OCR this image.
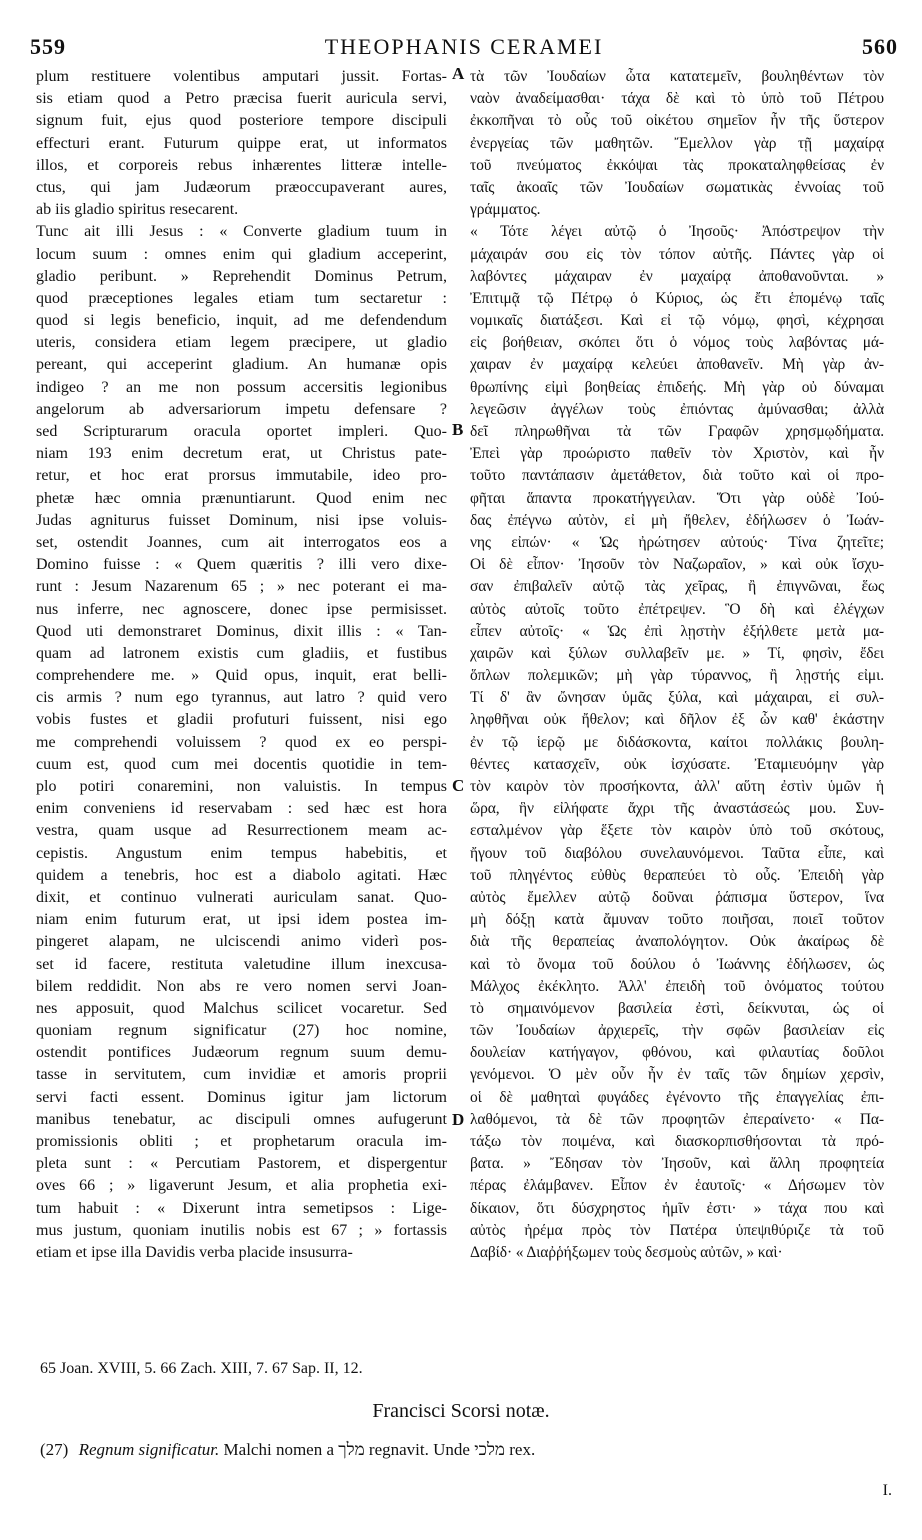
559	THEOPHANIS CERAMEI	560
plum restituere volentibus amputari jussit. Fortas-
sis etiam quod a Petro præcisa fuerit auricula servi,
signum fuit, ejus quod posteriore tempore discipuli
effecturi erant. Futurum quippe erat, ut informatos
illos, et corporeis rebus inhærentes litteræ intelle-
ctus, qui jam Judæorum præoccupaverant aures,
ab iis gladio spiritus resecarent.
Tunc ait illi Jesus : « Converte gladium tuum in
locum suum : omnes enim qui gladium acceperint,
gladio peribunt. » Reprehendit Dominus Petrum,
quod præceptiones legales etiam tum sectaretur :
quod si legis beneficio, inquit, ad me defendendum
uteris, considera etiam legem præcipere, ut gladio
pereant, qui acceperint gladium. An humanæ opis
indigeo ? an me non possum accersitis legionibus
angelorum ab adversariorum impetu defensare ?
sed Scripturarum oracula oportet impleri. Quo-
niam 193 enim decretum erat, ut Christus pate-
retur, et hoc erat prorsus immutabile, ideo pro-
phetæ hæc omnia prænuntiarunt. Quod enim nec
Judas agniturus fuisset Dominum, nisi ipse voluis-
set, ostendit Joannes, cum ait interrogatos eos a
Domino fuisse : « Quem quæritis ? illi vero dixe-
runt : Jesum Nazarenum 65 ; » nec poterant ei ma-
nus inferre, nec agnoscere, donec ipse permisisset.
Quod uti demonstraret Dominus, dixit illis : « Tan-
quam ad latronem existis cum gladiis, et fustibus
comprehendere me. » Quid opus, inquit, erat belli-
cis armis ? num ego tyrannus, aut latro ? quid vero
vobis fustes et gladii profuturi fuissent, nisi ego
me comprehendi voluissem ? quod ex eo perspi-
cuum est, quod cum mei docentis quotidie in tem-
plo potiri conaremini, non valuistis. In tempus
enim conveniens id reservabam : sed hæc est hora
vestra, quam usque ad Resurrectionem meam ac-
cepistis. Angustum enim tempus habebitis, et
quidem a tenebris, hoc est a diabolo agitati. Hæc
dixit, et continuo vulnerati auriculam sanat. Quo-
niam enim futurum erat, ut ipsi idem postea im-
pingeret alapam, ne ulciscendi animo viderì pos-
set id facere, restituta valetudine illum inexcusa-
bilem reddidit. Non abs re vero nomen servi Joan-
nes apposuit, quod Malchus scilicet vocaretur. Sed
quoniam regnum significatur (27) hoc nomine,
ostendit pontifices Judæorum regnum suum demu-
tasse in servitutem, cum invidiæ et amoris proprii
servi facti essent. Dominus igitur jam lictorum
manibus tenebatur, ac discipuli omnes aufugerunt
promissionis obliti ; et prophetarum oracula im-
pleta sunt : « Percutiam Pastorem, et dispergentur
oves 66 ; » ligaverunt Jesum, et alia prophetia exi-
tum habuit : « Dixerunt intra semetipsos : Lige-
mus justum, quoniam inutilis nobis est 67 ; » fortassis
etiam et ipse illa Davidis verba placide insusurra-
τὰ τῶν Ἰουδαίων ὦτα κατατεμεῖν, βουληθέντων τὸν
ναὸν ἀναδείμασθαι· τάχα δὲ καὶ τὸ ὑπὸ τοῦ Πέτρου
ἐκκοπῆναι τὸ οὖς τοῦ οἰκέτου σημεῖον ἦν τῆς ὕστερον
ἐνεργείας τῶν μαθητῶν. Ἔμελλον γὰρ τῇ μαχαίρᾳ
τοῦ πνεύματος ἐκκόψαι τὰς προκαταληφθείσας ἐν
ταῖς ἀκοαῖς τῶν Ἰουδαίων σωματικὰς ἐννοίας τοῦ
γράμματος.
« Τότε λέγει αὐτῷ ὁ Ἰησοῦς· Ἀπόστρεψον τὴν
μάχαιράν σου εἰς τὸν τόπον αὐτῆς. Πάντες γὰρ οἱ
λαβόντες μάχαιραν ἐν μαχαίρᾳ ἀποθανοῦνται. »
Ἐπιτιμᾷ τῷ Πέτρῳ ὁ Κύριος, ὡς ἔτι ἑπομένῳ ταῖς
νομικαῖς διατάξεσι. Καὶ εἰ τῷ νόμῳ, φησὶ, κέχρησαι
εἰς βοήθειαν, σκόπει ὅτι ὁ νόμος τοὺς λαβόντας μά-
χαιραν ἐν μαχαίρᾳ κελεύει ἀποθανεῖν. Μὴ γὰρ ἀν-
θρωπίνης εἰμὶ βοηθείας ἐπιδεής. Μὴ γὰρ οὐ δύναμαι
λεγεῶσιν ἀγγέλων τοὺς ἐπιόντας ἀμύνασθαι; ἀλλὰ
δεῖ πληρωθῆναι τὰ τῶν Γραφῶν χρησμῳδήματα.
Ἐπεὶ γὰρ προώριστο παθεῖν τὸν Χριστὸν, καὶ ἦν
τοῦτο παντάπασιν ἀμετάθετον, διὰ τοῦτο καὶ οἱ προ-
φῆται ἅπαντα προκατήγγειλαν. Ὅτι γὰρ οὐδὲ Ἰού-
δας ἐπέγνω αὐτὸν, εἰ μὴ ἤθελεν, ἐδήλωσεν ὁ Ἰωάν-
νης εἰπών· « Ὡς ἠρώτησεν αὐτούς· Τίνα ζητεῖτε;
Οἱ δὲ εἶπον· Ἰησοῦν τὸν Ναζωραῖον, » καὶ οὐκ ἴσχυ-
σαν ἐπιβαλεῖν αὐτῷ τὰς χεῖρας, ἢ ἐπιγνῶναι, ἕως
αὐτὸς αὐτοῖς τοῦτο ἐπέτρεψεν. Ὃ δὴ καὶ ἐλέγχων
εἶπεν αὐτοῖς· « Ὡς ἐπὶ λῃστὴν ἐξήλθετε μετὰ μα-
χαιρῶν καὶ ξύλων συλλαβεῖν με. » Τί, φησὶν, ἔδει
ὅπλων πολεμικῶν; μὴ γὰρ τύραννος, ἢ λῃστής εἰμι.
Τί δ' ἂν ὤνησαν ὑμᾶς ξύλα, καὶ μάχαιραι, εἰ συλ-
ληφθῆναι οὐκ ἤθελον; καὶ δῆλον ἐξ ὧν καθ' ἑκάστην
ἐν τῷ ἱερῷ με διδάσκοντα, καίτοι πολλάκις βουλη-
θέντες κατασχεῖν, οὐκ ἰσχύσατε. Ἐταμιευόμην γὰρ
τὸν καιρὸν τὸν προσήκοντα, ἀλλ' αὕτη ἐστὶν ὑμῶν ἡ
ὥρα, ἣν εἰλήφατε ἄχρι τῆς ἀναστάσεώς μου. Συν-
εσταλμένον γὰρ ἕξετε τὸν καιρὸν ὑπὸ τοῦ σκότους,
ἤγουν τοῦ διαβόλου συνελαυνόμενοι. Ταῦτα εἶπε, καὶ
τοῦ πληγέντος εὐθὺς θεραπεύει τὸ οὖς. Ἐπειδὴ γὰρ
αὐτὸς ἔμελλεν αὐτῷ δοῦναι ῥάπισμα ὕστερον, ἵνα
μὴ δόξῃ κατὰ ἄμυναν τοῦτο ποιῆσαι, ποιεῖ τοῦτον
διὰ τῆς θεραπείας ἀναπολόγητον. Οὐκ ἀκαίρως δὲ
καὶ τὸ ὄνομα τοῦ δούλου ὁ Ἰωάννης ἐδήλωσεν, ὡς
Μάλχος ἐκέκλητο. Ἀλλ' ἐπειδὴ τοῦ ὀνόματος τούτου
τὸ σημαινόμενον βασιλεία ἐστὶ, δείκνυται, ὡς οἱ
τῶν Ἰουδαίων ἀρχιερεῖς, τὴν σφῶν βασιλείαν εἰς
δουλείαν κατήγαγον, φθόνου, καὶ φιλαυτίας δοῦλοι
γενόμενοι. Ὁ μὲν οὖν ἦν ἐν ταῖς τῶν δημίων χερσὶν,
οἱ δὲ μαθηταὶ φυγάδες ἐγένοντο τῆς ἐπαγγελίας ἐπι-
λαθόμενοι, τὰ δὲ τῶν προφητῶν ἐπεραίνετο· « Πα-
τάξω τὸν ποιμένα, καὶ διασκορπισθήσονται τὰ πρό-
βατα. » Ἔδησαν τὸν Ἰησοῦν, καὶ ἄλλη προφητεία
πέρας ἐλάμβανεν. Εἶπον ἐν ἑαυτοῖς· « Δήσωμεν τὸν
δίκαιον, ὅτι δύσχρηστος ἡμῖν ἐστι· » τάχα που καὶ
αὐτὸς ἠρέμα πρὸς τὸν Πατέρα ὑπεψιθύριζε τὰ τοῦ
Δαβίδ· « Διαῤῥήξωμεν τοὺς δεσμοὺς αὐτῶν, » καὶ·
A
B
C
D
65 Joan. XVIII, 5. 66 Zach. XIII, 7. 67 Sap. II, 12.
Francisci Scorsi notæ.
(27) Regnum significatur. Malchi nomen a מלך regnavit. Unde מלכי rex.
I.
